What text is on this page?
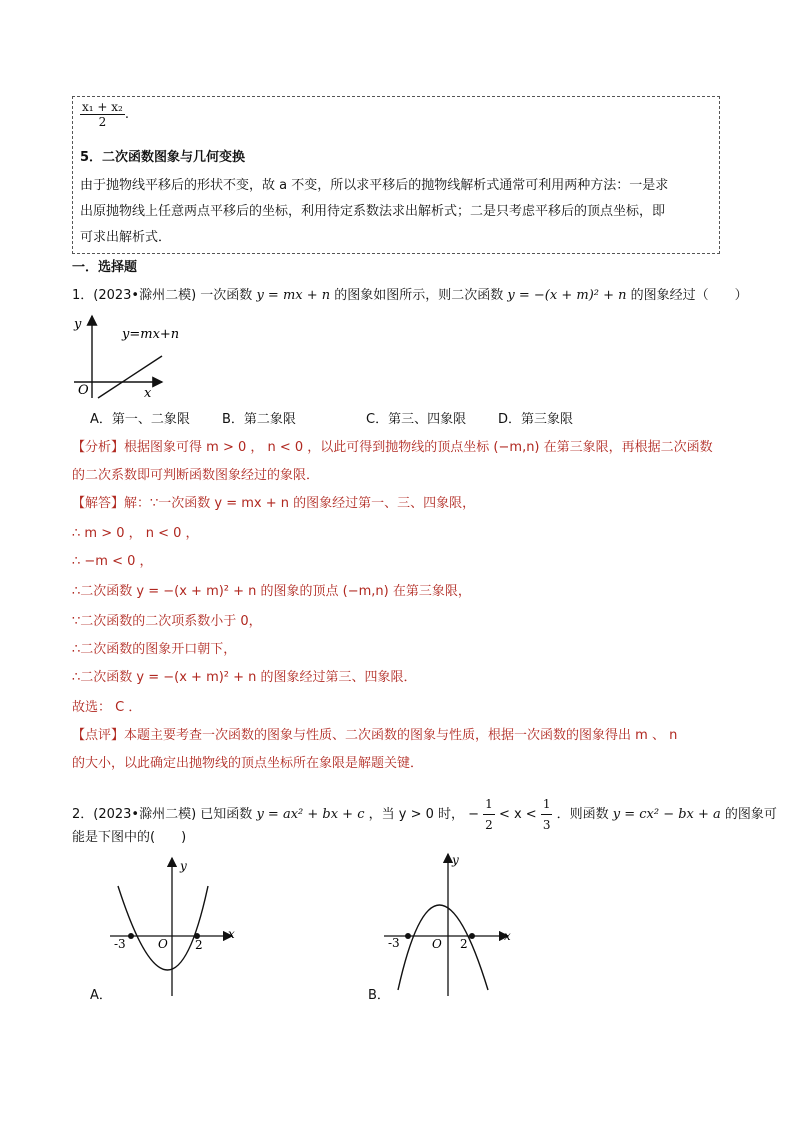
$\frac{\text{x₁ + x₂}}{2}$ .
5．二次函数图象与几何变换
由于抛物线平移后的形状不变，故 a 不变，所以求平移后的抛物线解析式通常可利用两种方法：一是求
出原抛物线上任意两点平移后的坐标，利用待定系数法求出解析式；二是只考虑平移后的顶点坐标，即
可求出解析式．
一．选择题
1．(2023•滁州二模) 一次函数 y = mx + n 的图象如图所示，则二次函数 y = −(x + m)² + n 的图象经过（　　）
y
x
O
y=mx+n
A．第一、二象限 B．第二象限	C．第三、四象限 D．第三象限
【分析】根据图象可得 m > 0 ， n < 0 ，以此可得到抛物线的顶点坐标 (−m,n) 在第三象限，再根据二次函数
的二次系数即可判断函数图象经过的象限．
【解答】解：∵一次函数 y = mx + n 的图象经过第一、三、四象限，
∴ m > 0 ， n < 0 ，
∴ −m < 0 ，
∴二次函数 y = −(x + m)² + n 的图象的顶点 (−m,n) 在第三象限，
∵二次函数的二次项系数小于 0，
∴二次函数的图象开口朝下，
∴二次函数 y = −(x + m)² + n 的图象经过第三、四象限．
故选： C ．
【点评】本题主要考查一次函数的图象与性质、二次函数的图象与性质，根据一次函数的图象得出 m 、 n
的大小，以此确定出抛物线的顶点坐标所在象限是解题关键．
2．(2023•滁州二模) 已知函数 y = ax² + bx + c ，当 y > 0 时， − $\frac{1}{2} < x < \frac{1}{3}$ ．则函数 y = cx² − bx + a 的图象可
能是下图中的(　　)
y
x
O
-3	2
A．
y
x
O
-3	2
B．
